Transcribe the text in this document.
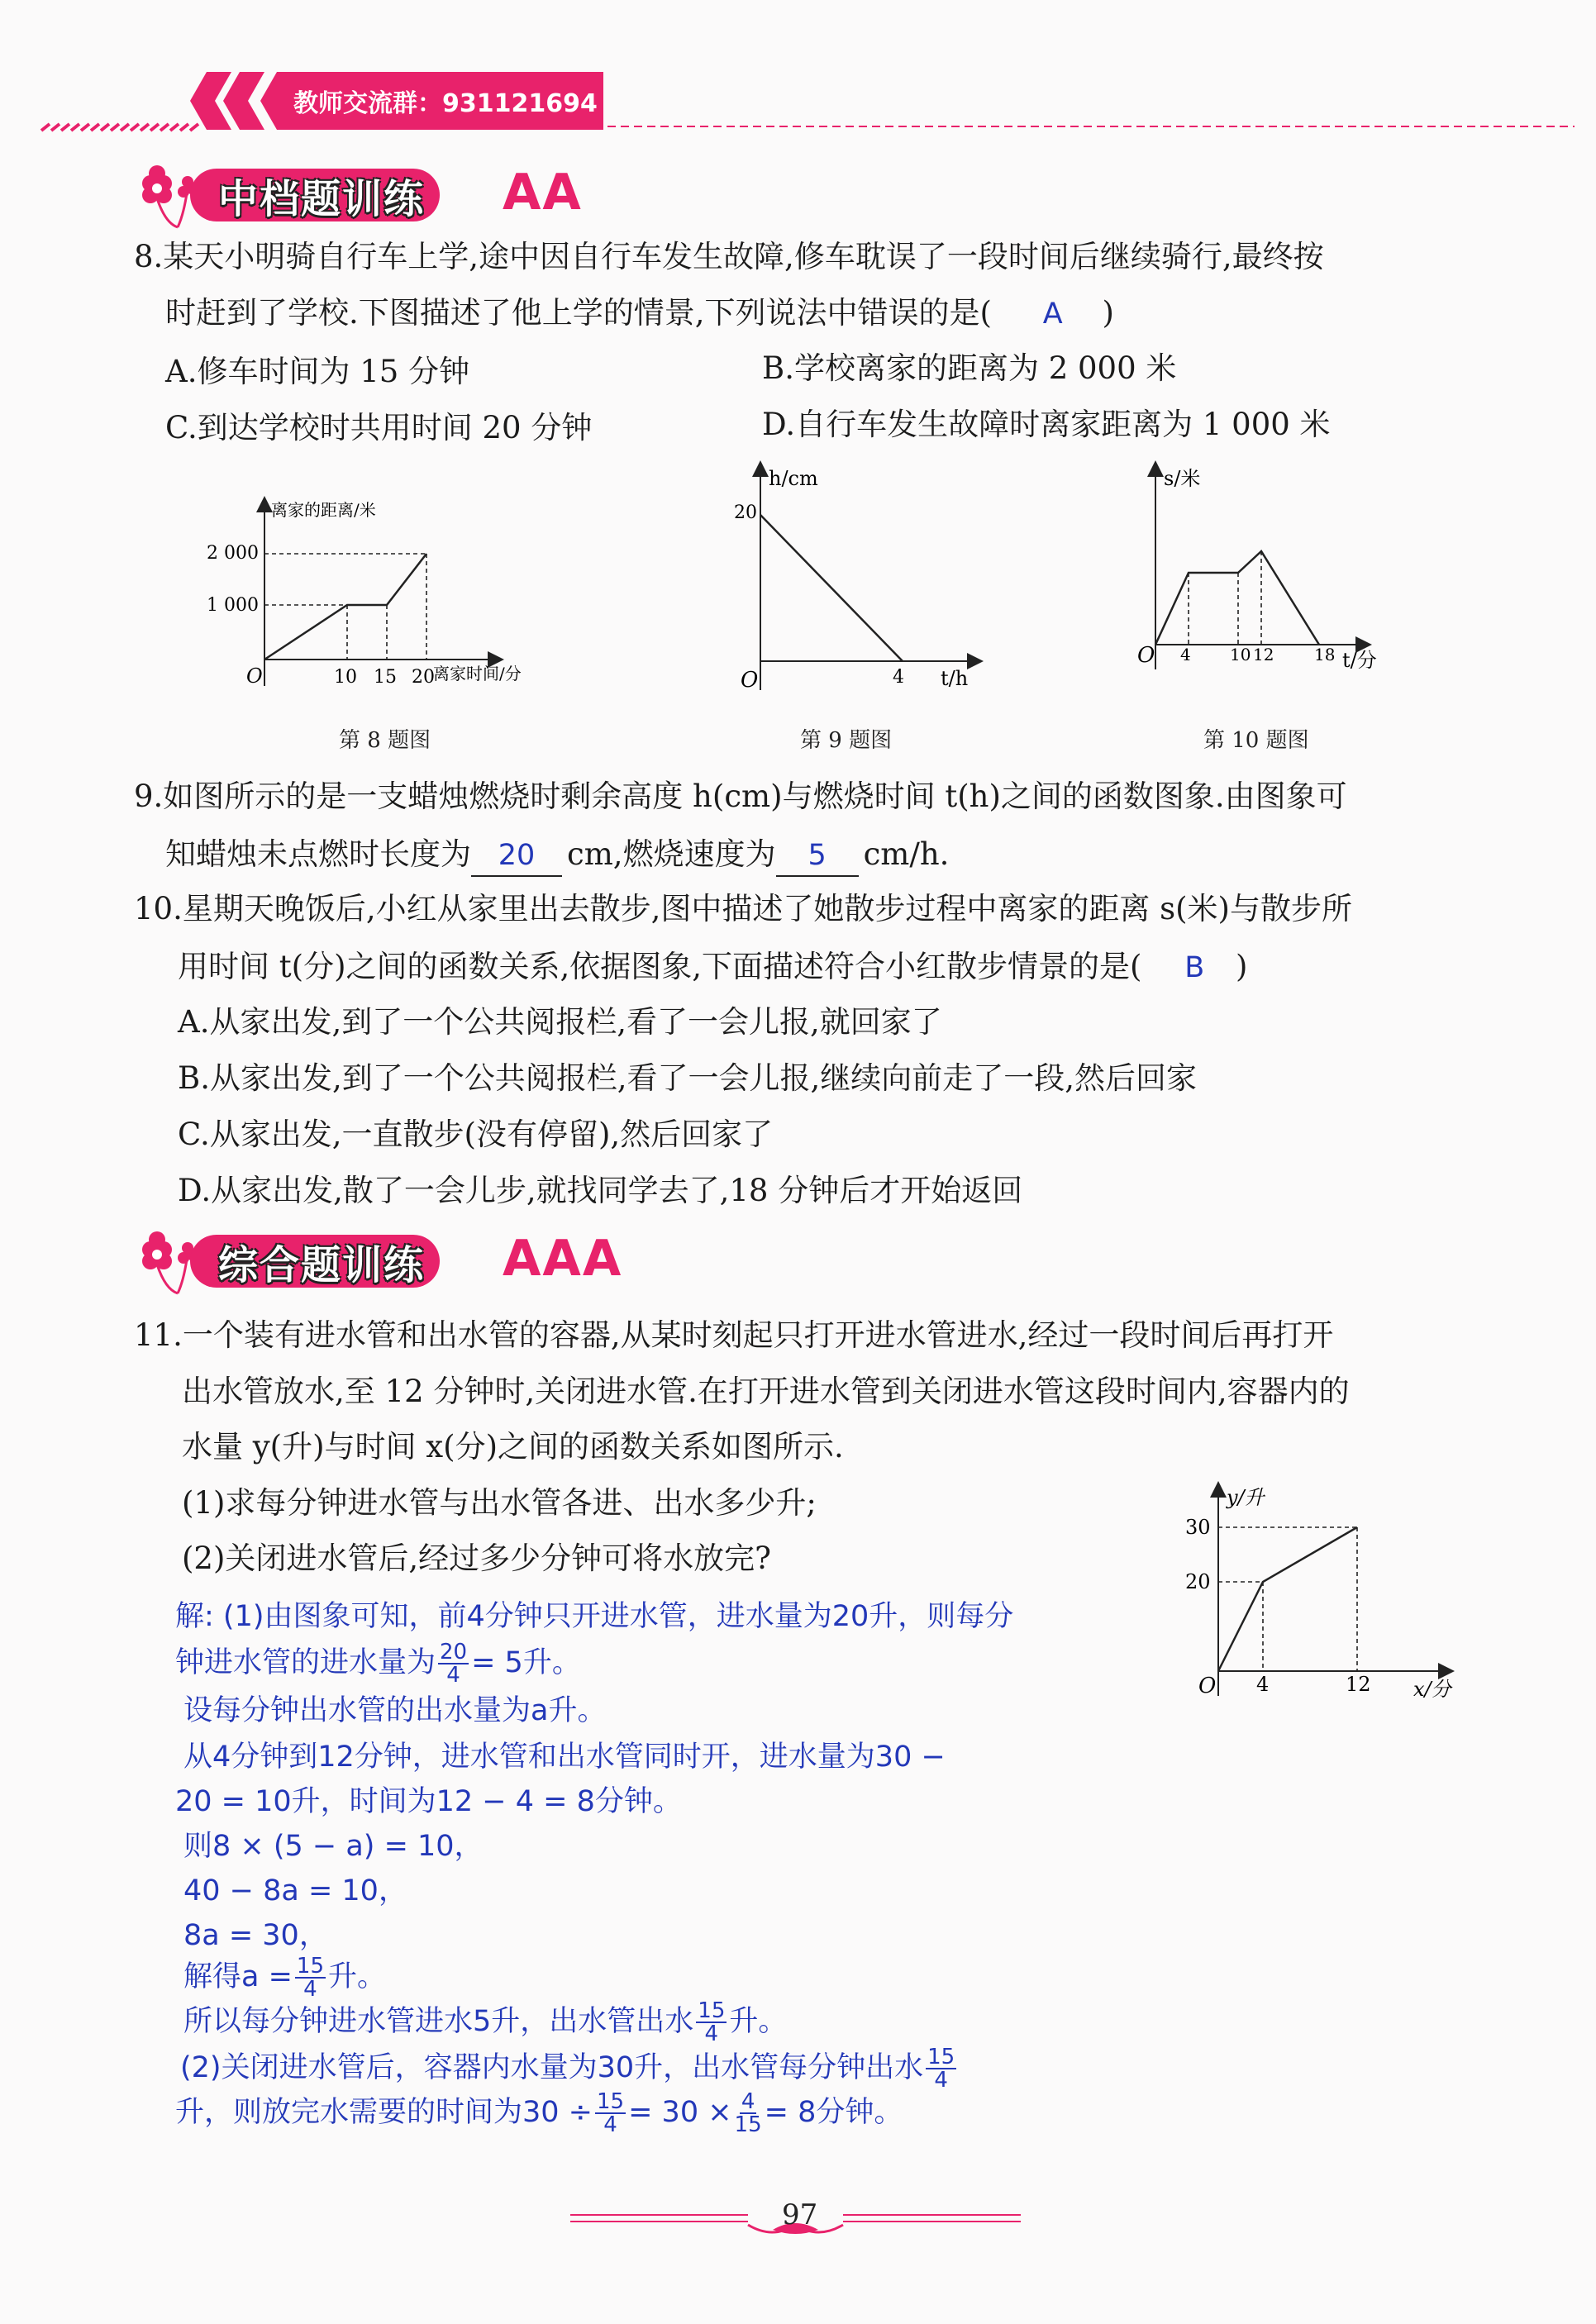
教师交流群：931121694
中档题训练 AA
8.某天小明骑自行车上学,途中因自行车发生故障,修车耽误了一段时间后继续骑行,最终按
时赶到了学校.下图描述了他上学的情景,下列说法中错误的是( A )
A.修车时间为 15 分钟	B.学校离家的距离为 2 000 米
C.到达学校时共用时间 20 分钟	D.自行车发生故障时离家距离为 1 000 米
离家的距离/米
2 000
1 000
O	10 15 20
离家时间/分
第 8 题图
h/cm
20
O	4 t/h
第 9 题图
s/米
O 4 10 12 18 t/分
第 10 题图
9.如图所示的是一支蜡烛燃烧时剩余高度 h(cm)与燃烧时间 t(h)之间的函数图象.由图象可
知蜡烛未点燃时长度为 20 cm,燃烧速度为 5 cm/h.
10.星期天晚饭后,小红从家里出去散步,图中描述了她散步过程中离家的距离 s(米)与散步所
用时间 t(分)之间的函数关系,依据图象,下面描述符合小红散步情景的是( B )
A.从家出发,到了一个公共阅报栏,看了一会儿报,就回家了
B.从家出发,到了一个公共阅报栏,看了一会儿报,继续向前走了一段,然后回家
C.从家出发,一直散步(没有停留),然后回家了
D.从家出发,散了一会儿步,就找同学去了,18 分钟后才开始返回
综合题训练 AAA
11.一个装有进水管和出水管的容器,从某时刻起只打开进水管进水,经过一段时间后再打开
出水管放水,至 12 分钟时,关闭进水管.在打开进水管到关闭进水管这段时间内,容器内的
水量 y(升)与时间 x(分)之间的函数关系如图所示.
(1)求每分钟进水管与出水管各进、出水多少升;
(2)关闭进水管后,经过多少分钟可将水放完?
y/升
30
20
O 4	12 x/分
解: (1)由图象可知，前4分钟只开进水管，进水量为20升，则每分
钟进水管的进水量为 $\frac{20}{4} = 5$升。
设每分钟出水管的出水量为a升。
从4分钟到12分钟，进水管和出水管同时开，进水量为30 −
20 = 10升，时间为12 − 4 = 8分钟。
则8 × (5 − a) = 10，
40 − 8a = 10，
8a = 30，
解得$a = \frac{15}{4}$ 升。
所以每分钟进水管进水5升，出水管出水 $\frac{15}{4}$ 升。
(2)关闭进水管后，容器内水量为30升，出水管每分钟出水 $\frac{15}{4}$
升，则放完水需要的时间为$30 \div \frac{15}{4} = 30 \times \frac{4}{15} = 8$分钟。
97
